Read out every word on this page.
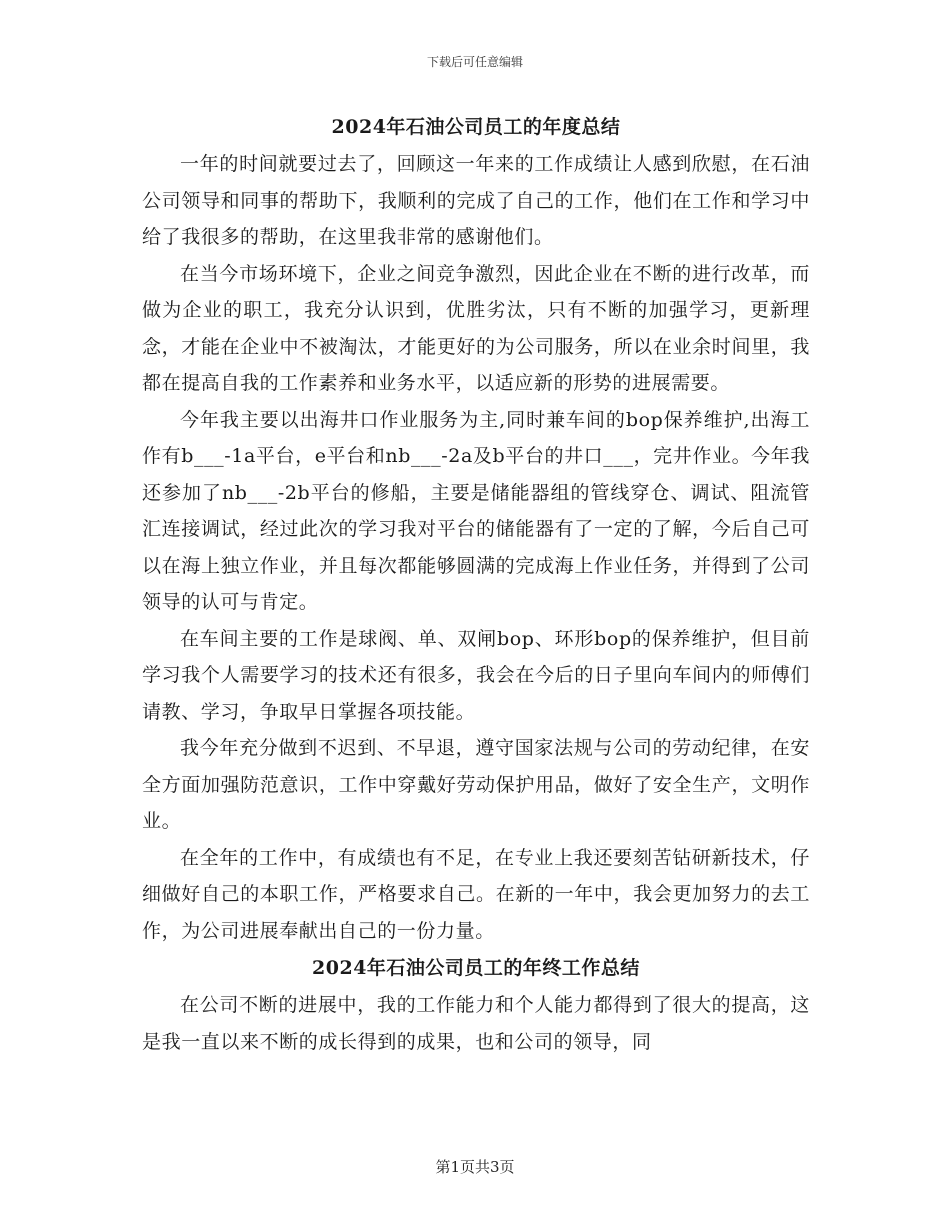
下载后可任意编辑
2024年石油公司员工的年度总结

一年的时间就要过去了，回顾这一年来的工作成绩让人感到欣慰，在石油公司领导和同事的帮助下，我顺利的完成了自己的工作，他们在工作和学习中给了我很多的帮助，在这里我非常的感谢他们。

在当今市场环境下，企业之间竞争激烈，因此企业在不断的进行改革，而做为企业的职工，我充分认识到，优胜劣汰，只有不断的加强学习，更新理念，才能在企业中不被淘汰，才能更好的为公司服务，所以在业余时间里，我都在提高自我的工作素养和业务水平，以适应新的形势的进展需要。

今年我主要以出海井口作业服务为主,同时兼车间的bop保养维护,出海工作有b___-1a平台，e平台和nb___-2a及b平台的井口___，完井作业。今年我还参加了nb___-2b平台的修船，主要是储能器组的管线穿仓、调试、阻流管汇连接调试，经过此次的学习我对平台的储能器有了一定的了解，今后自己可以在海上独立作业，并且每次都能够圆满的完成海上作业任务，并得到了公司领导的认可与肯定。

在车间主要的工作是球阀、单、双闸bop、环形bop的保养维护，但目前学习我个人需要学习的技术还有很多，我会在今后的日子里向车间内的师傅们请教、学习，争取早日掌握各项技能。

我今年充分做到不迟到、不早退，遵守国家法规与公司的劳动纪律，在安全方面加强防范意识，工作中穿戴好劳动保护用品，做好了安全生产，文明作业。

在全年的工作中，有成绩也有不足，在专业上我还要刻苦钻研新技术，仔细做好自己的本职工作，严格要求自己。在新的一年中，我会更加努力的去工作，为公司进展奉献出自己的一份力量。

2024年石油公司员工的年终工作总结

在公司不断的进展中，我的工作能力和个人能力都得到了很大的提高，这是我一直以来不断的成长得到的成果，也和公司的领导，同

第1页共3页
